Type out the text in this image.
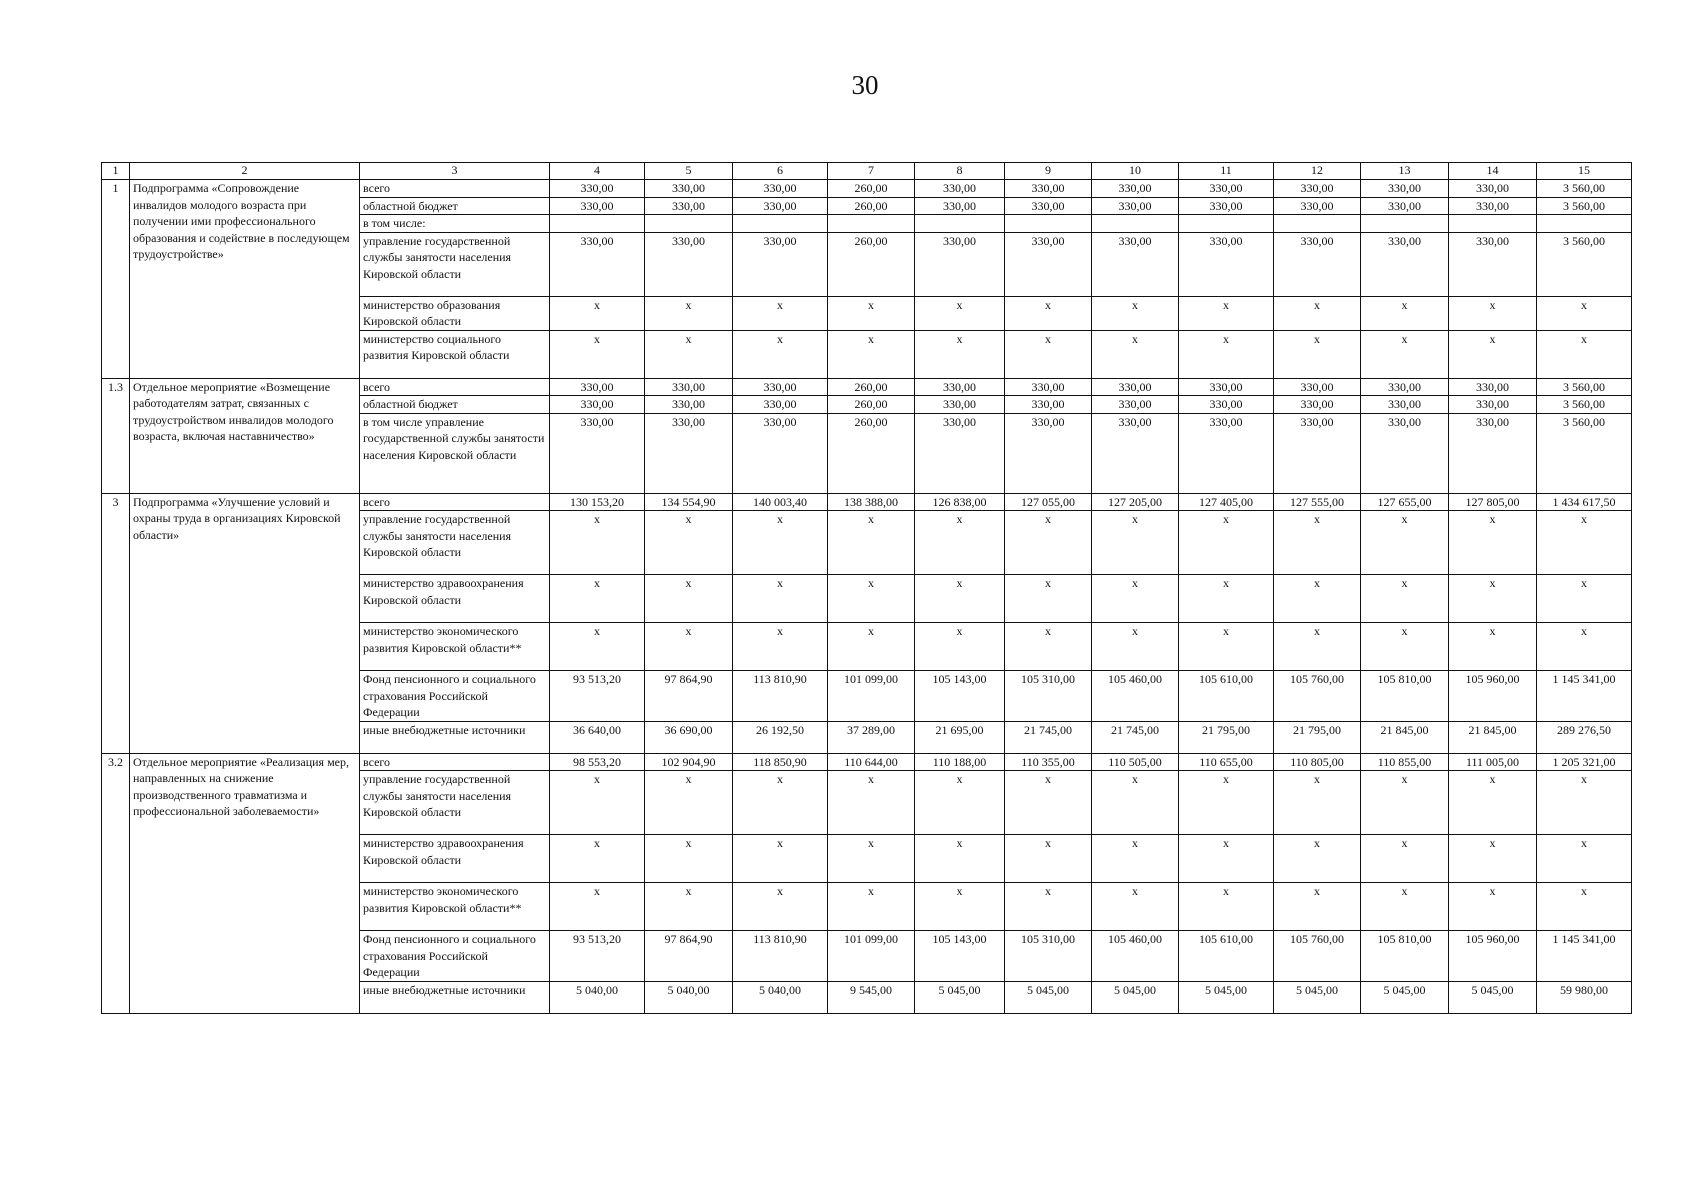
30
1	2	3	4	5	6	7	8	9	10	11	12	13	14	15
1	Подпрограмма «Сопровождение инвалидов молодого возраста при получении ими профессионального образования и содействие в последующем трудоустройстве»	всего	330,00	330,00	330,00	260,00	330,00	330,00	330,00	330,00	330,00	330,00	330,00	3 560,00
		областной бюджет	330,00	330,00	330,00	260,00	330,00	330,00	330,00	330,00	330,00	330,00	330,00	3 560,00
		в том числе:												
		управление государственной службы занятости населения Кировской области	330,00	330,00	330,00	260,00	330,00	330,00	330,00	330,00	330,00	330,00	330,00	3 560,00
		министерство образования Кировской области	x	x	x	x	x	x	x	x	x	x	x	x
		министерство социального развития Кировской области	x	x	x	x	x	x	x	x	x	x	x	x
1.3	Отдельное мероприятие «Возмещение работодателям затрат, связанных с трудоустройством инвалидов молодого возраста, включая наставничество»	всего	330,00	330,00	330,00	260,00	330,00	330,00	330,00	330,00	330,00	330,00	330,00	3 560,00
		областной бюджет	330,00	330,00	330,00	260,00	330,00	330,00	330,00	330,00	330,00	330,00	330,00	3 560,00
		в том числе управление государственной службы занятости населения Кировской области	330,00	330,00	330,00	260,00	330,00	330,00	330,00	330,00	330,00	330,00	330,00	3 560,00
3	Подпрограмма «Улучшение условий и охраны труда в организациях Кировской области»	всего	130 153,20	134 554,90	140 003,40	138 388,00	126 838,00	127 055,00	127 205,00	127 405,00	127 555,00	127 655,00	127 805,00	1 434 617,50
		управление государственной службы занятости населения Кировской области	x	x	x	x	x	x	x	x	x	x	x	x
		министерство здравоохранения Кировской области	x	x	x	x	x	x	x	x	x	x	x	x
		министерство экономического развития Кировской области**	x	x	x	x	x	x	x	x	x	x	x	x
		Фонд пенсионного и социального страхования Российской Федерации	93 513,20	97 864,90	113 810,90	101 099,00	105 143,00	105 310,00	105 460,00	105 610,00	105 760,00	105 810,00	105 960,00	1 145 341,00
		иные внебюджетные источники	36 640,00	36 690,00	26 192,50	37 289,00	21 695,00	21 745,00	21 745,00	21 795,00	21 795,00	21 845,00	21 845,00	289 276,50
3.2	Отдельное мероприятие «Реализация мер, направленных на снижение производственного травматизма и профессиональной заболеваемости»	всего	98 553,20	102 904,90	118 850,90	110 644,00	110 188,00	110 355,00	110 505,00	110 655,00	110 805,00	110 855,00	111 005,00	1 205 321,00
		управление государственной службы занятости населения Кировской области	x	x	x	x	x	x	x	x	x	x	x	x
		министерство здравоохранения Кировской области	x	x	x	x	x	x	x	x	x	x	x	x
		министерство экономического развития Кировской области**	x	x	x	x	x	x	x	x	x	x	x	x
		Фонд пенсионного и социального страхования Российской Федерации	93 513,20	97 864,90	113 810,90	101 099,00	105 143,00	105 310,00	105 460,00	105 610,00	105 760,00	105 810,00	105 960,00	1 145 341,00
		иные внебюджетные источники	5 040,00	5 040,00	5 040,00	9 545,00	5 045,00	5 045,00	5 045,00	5 045,00	5 045,00	5 045,00	5 045,00	59 980,00
